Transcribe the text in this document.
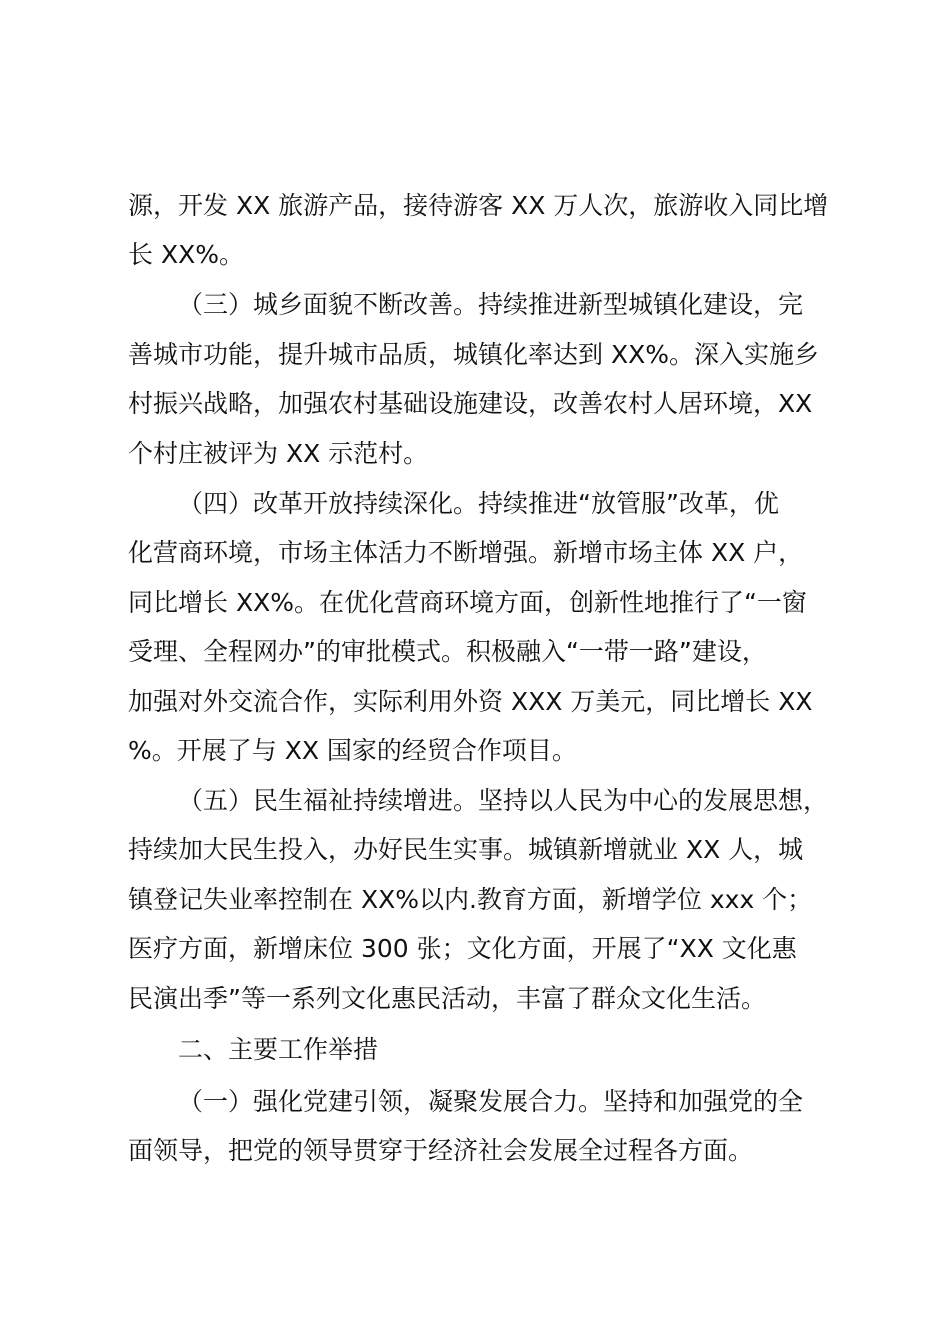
源，开发 XX 旅游产品，接待游客 XX 万人次，旅游收入同比增
长 XX%。
（三）城乡面貌不断改善。持续推进新型城镇化建设，完
善城市功能，提升城市品质，城镇化率达到 XX%。深入实施乡
村振兴战略，加强农村基础设施建设，改善农村人居环境，XX
个村庄被评为 XX 示范村。
（四）改革开放持续深化。持续推进“放管服”改革，优
化营商环境，市场主体活力不断增强。新增市场主体 XX 户，
同比增长 XX%。在优化营商环境方面，创新性地推行了“一窗
受理、全程网办”的审批模式。积极融入“一带一路”建设，
加强对外交流合作，实际利用外资 XXX 万美元，同比增长 XX
%。开展了与 XX 国家的经贸合作项目。
（五）民生福祉持续增进。坚持以人民为中心的发展思想，
持续加大民生投入，办好民生实事。城镇新增就业 XX 人，城
镇登记失业率控制在 XX%以内.教育方面，新增学位 xxx 个；
医疗方面，新增床位 300 张；文化方面，开展了“XX 文化惠
民演出季”等一系列文化惠民活动，丰富了群众文化生活。
二、主要工作举措
（一）强化党建引领，凝聚发展合力。坚持和加强党的全
面领导，把党的领导贯穿于经济社会发展全过程各方面。
